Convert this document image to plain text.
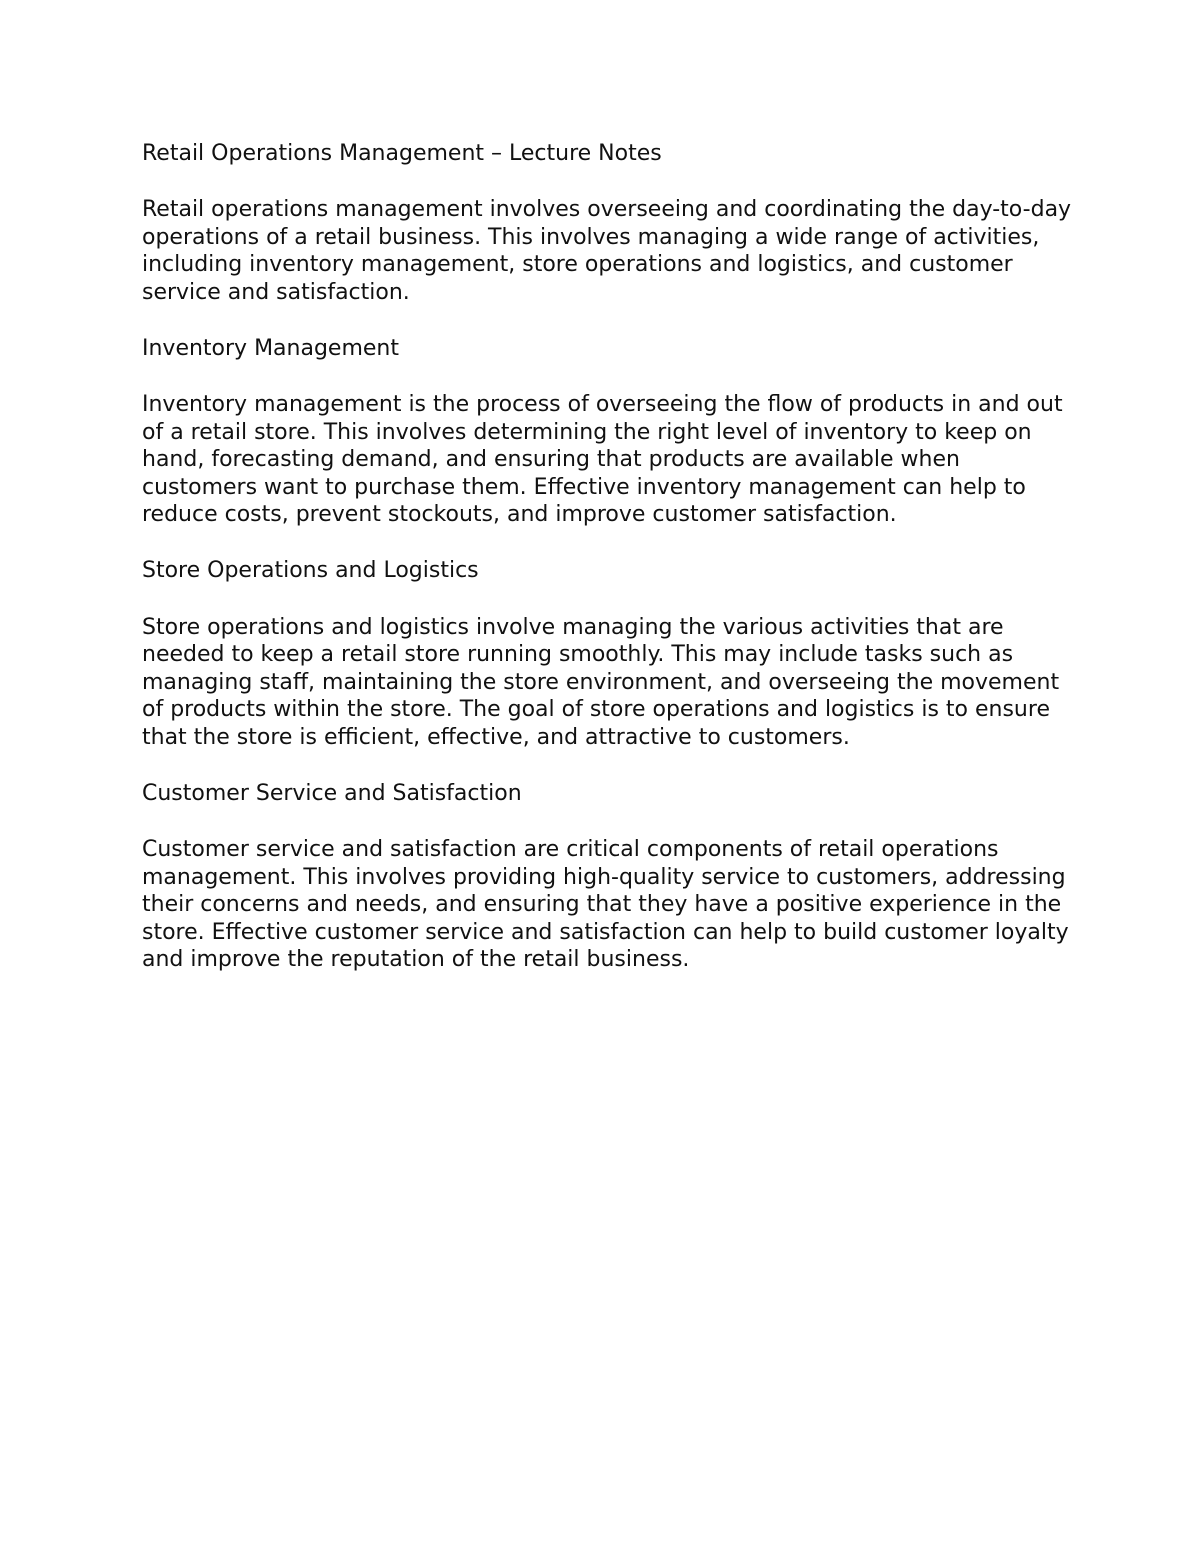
Retail Operations Management – Lecture Notes

Retail operations management involves overseeing and coordinating the day-to-day operations of a retail business. This involves managing a wide range of activities, including inventory management, store operations and logistics, and customer service and satisfaction.

Inventory Management

Inventory management is the process of overseeing the flow of products in and out of a retail store. This involves determining the right level of inventory to keep on hand, forecasting demand, and ensuring that products are available when customers want to purchase them. Effective inventory management can help to reduce costs, prevent stockouts, and improve customer satisfaction.

Store Operations and Logistics

Store operations and logistics involve managing the various activities that are needed to keep a retail store running smoothly. This may include tasks such as managing staff, maintaining the store environment, and overseeing the movement of products within the store. The goal of store operations and logistics is to ensure that the store is efficient, effective, and attractive to customers.

Customer Service and Satisfaction

Customer service and satisfaction are critical components of retail operations management. This involves providing high-quality service to customers, addressing their concerns and needs, and ensuring that they have a positive experience in the store. Effective customer service and satisfaction can help to build customer loyalty and improve the reputation of the retail business.
